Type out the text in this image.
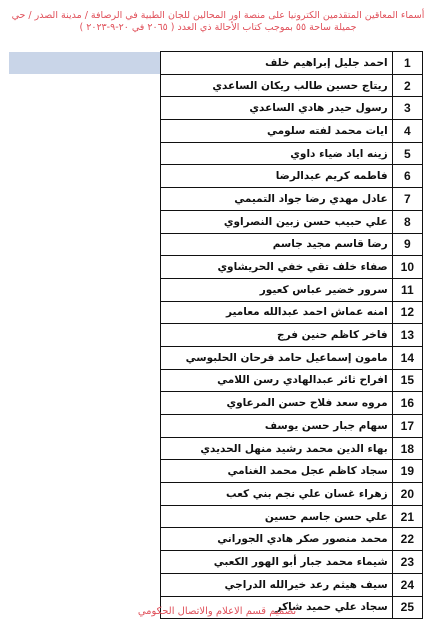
أسماء المعاقين المتقدمين الكترونيا على منصة اور المحالين للجان الطبية في الرصافة / مدينة الصدر / حي
جميلة ساحة ٥٥ بموجب كتاب الأحالة ذي العدد ( ٢٠٦٥ في ٢٠-٩-٢٠٢٣ )
1	احمد جليل إبراهيم خلف	
2	ريتاج حسين طالب ريكان الساعدي	
3	رسول حيدر هادي الساعدي	
4	ايات محمد لفته سلومي	
5	زينه اياد ضياء داوي	
6	فاطمه كريم عبدالرضا	
7	عادل مهدي رضا جواد التميمي	
8	علي حبيب حسن زبين النصراوي	
9	رضا قاسم مجيد جاسم	
10	صفاء خلف تقي خفي الحريشاوي	
11	سرور خضير عباس كعيور	
12	امنه عماش احمد عبدالله معامير	
13	فاخر كاظم حنين فرج	
14	مامون إسماعيل حامد فرحان الحلبوسي	
15	افراح ثائر عبدالهادي رسن اللامي	
16	مروه سعد فلاح حسن المرعاوي	
17	سهام جبار حسن يوسف	
18	بهاء الدين محمد رشيد منهل الحديدي	
19	سجاد كاظم عجل محمد الغنامي	
20	زهراء غسان علي نجم بني كعب	
21	علي حسن جاسم حسين	
22	محمد منصور صكر هادي الجوراني	
23	شيماء محمد جبار أبو الهور الكعبي	
24	سيف هيثم رعد خيرالله الدراجي	
25	سجاد علي حميد شاكر	
تصميم قسم الاعلام والاتصال الحكومي
